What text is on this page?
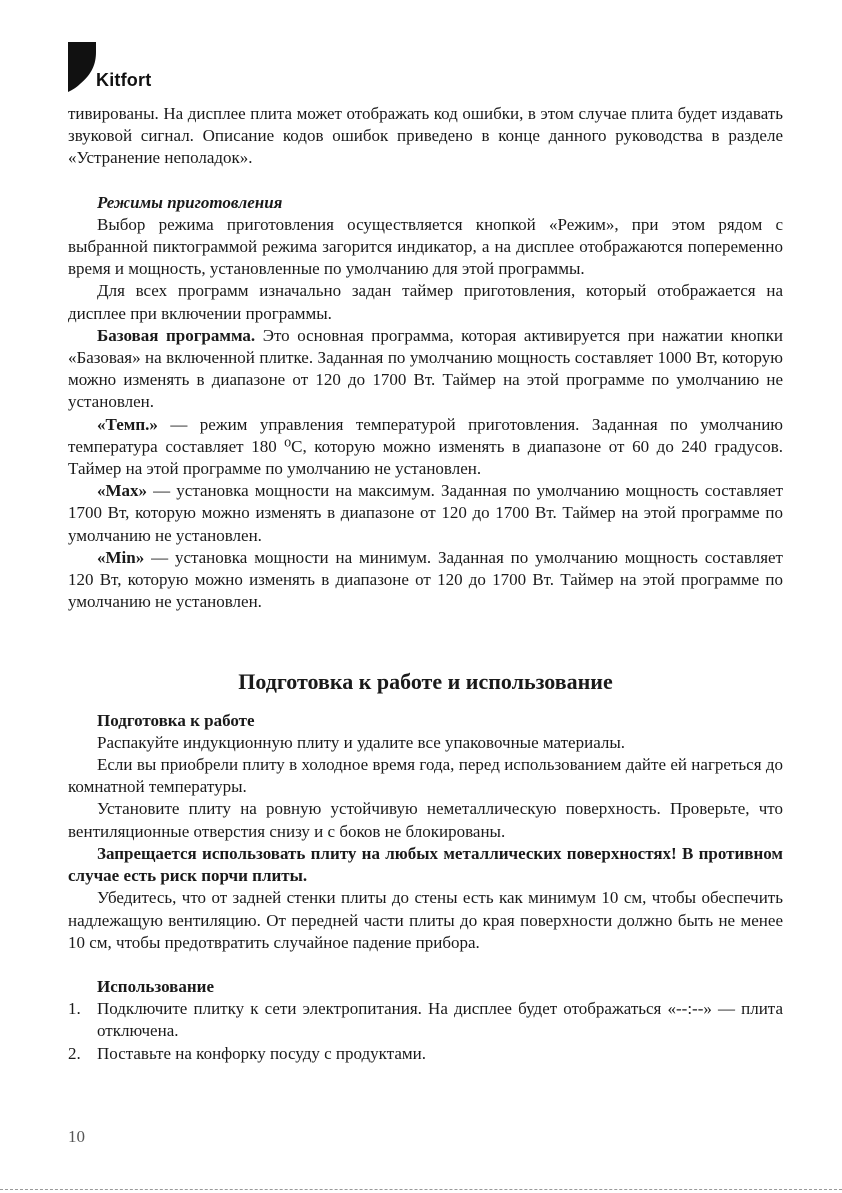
Kitfort

тивированы. На дисплее плита может отображать код ошибки, в этом случае плита будет издавать звуковой сигнал. Описание кодов ошибок приведено в конце данного руководства в разделе «Устранение неполадок».

Режимы приготовления

Выбор режима приготовления осуществляется кнопкой «Режим», при этом рядом с выбранной пиктограммой режима загорится индикатор, а на дисплее отображаются попеременно время и мощность, установленные по умолчанию для этой программы.

Для всех программ изначально задан таймер приготовления, который отображается на дисплее при включении программы.

Базовая программа. Это основная программа, которая активируется при нажатии кнопки «Базовая» на включенной плитке. Заданная по умолчанию мощность составляет 1000 Вт, которую можно изменять в диапазоне от 120 до 1700 Вт. Таймер на этой программе по умолчанию не установлен.

«Темп.» — режим управления температурой приготовления. Заданная по умолчанию температура составляет 180 ⁰С, которую можно изменять в диапазоне от 60 до 240 градусов. Таймер на этой программе по умолчанию не установлен.

«Max» — установка мощности на максимум. Заданная по умолчанию мощность составляет 1700 Вт, которую можно изменять в диапазоне от 120 до 1700 Вт. Таймер на этой программе по умолчанию не установлен.

«Min» — установка мощности на минимум. Заданная по умолчанию мощность составляет 120 Вт, которую можно изменять в диапазоне от 120 до 1700 Вт. Таймер на этой программе по умолчанию не установлен.

Подготовка к работе и использование

Подготовка к работе

Распакуйте индукционную плиту и удалите все упаковочные материалы.

Если вы приобрели плиту в холодное время года, перед использованием дайте ей нагреться до комнатной температуры.

Установите плиту на ровную устойчивую неметаллическую поверхность. Проверьте, что вентиляционные отверстия снизу и с боков не блокированы.

Запрещается использовать плиту на любых металлических поверхностях! В противном случае есть риск порчи плиты.

Убедитесь, что от задней стенки плиты до стены есть как минимум 10 см, чтобы обеспечить надлежащую вентиляцию. От передней части плиты до края поверхности должно быть не менее 10 см, чтобы предотвратить случайное падение прибора.

Использование

1. Подключите плитку к сети электропитания. На дисплее будет отображаться «--:--» — плита отключена.
2. Поставьте на конфорку посуду с продуктами.
10
